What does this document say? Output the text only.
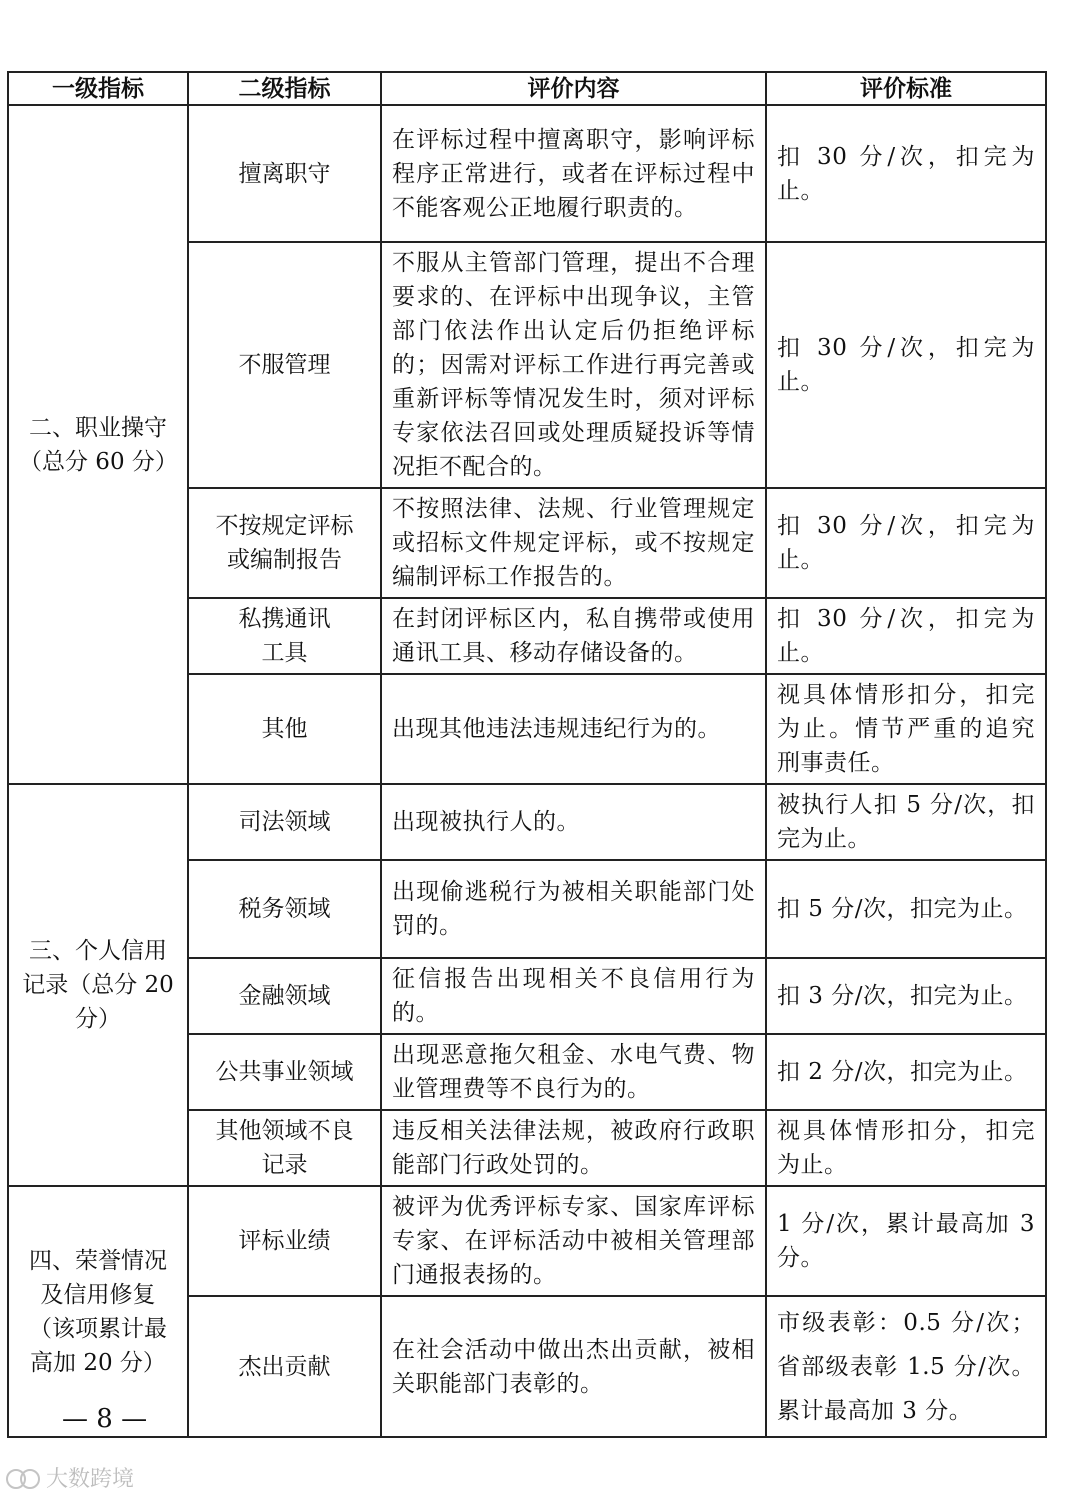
一级指标	二级指标	评价内容	评价标准
二、职业操守（总分 60 分）	擅离职守	在评标过程中擅离职守，影响评标程序正常进行，或者在评标过程中不能客观公正地履行职责的。	扣 30 分/次，扣完为止。
	不服管理	不服从主管部门管理，提出不合理要求的、在评标中出现争议，主管部门依法作出认定后仍拒绝评标的；因需对评标工作进行再完善或重新评标等情况发生时，须对评标专家依法召回或处理质疑投诉等情况拒不配合的。	扣 30 分/次，扣完为止。
	不按规定评标或编制报告	不按照法律、法规、行业管理规定或招标文件规定评标，或不按规定编制评标工作报告的。	扣 30 分/次，扣完为止。
	私携通讯工具	在封闭评标区内，私自携带或使用通讯工具、移动存储设备的。	扣 30 分/次，扣完为止。
	其他	出现其他违法违规违纪行为的。	视具体情形扣分，扣完为止。情节严重的追究刑事责任。
三、个人信用记录（总分 20 分）	司法领域	出现被执行人的。	被执行人扣 5 分/次，扣完为止。
	税务领域	出现偷逃税行为被相关职能部门处罚的。	扣 5 分/次，扣完为止。
	金融领域	征信报告出现相关不良信用行为的。	扣 3 分/次，扣完为止。
	公共事业领域	出现恶意拖欠租金、水电气费、物业管理费等不良行为的。	扣 2 分/次，扣完为止。
	其他领域不良记录	违反相关法律法规，被政府行政职能部门行政处罚的。	视具体情形扣分，扣完为止。
四、荣誉情况及信用修复（该项累计最高加 20 分）	评标业绩	被评为优秀评标专家、国家库评标专家、在评标活动中被相关管理部门通报表扬的。	1 分/次，累计最高加 3 分。
	杰出贡献	在社会活动中做出杰出贡献，被相关职能部门表彰的。	市级表彰：0.5 分/次；省部级表彰 1.5 分/次。累计最高加 3 分。
— 8 —
大数跨境
